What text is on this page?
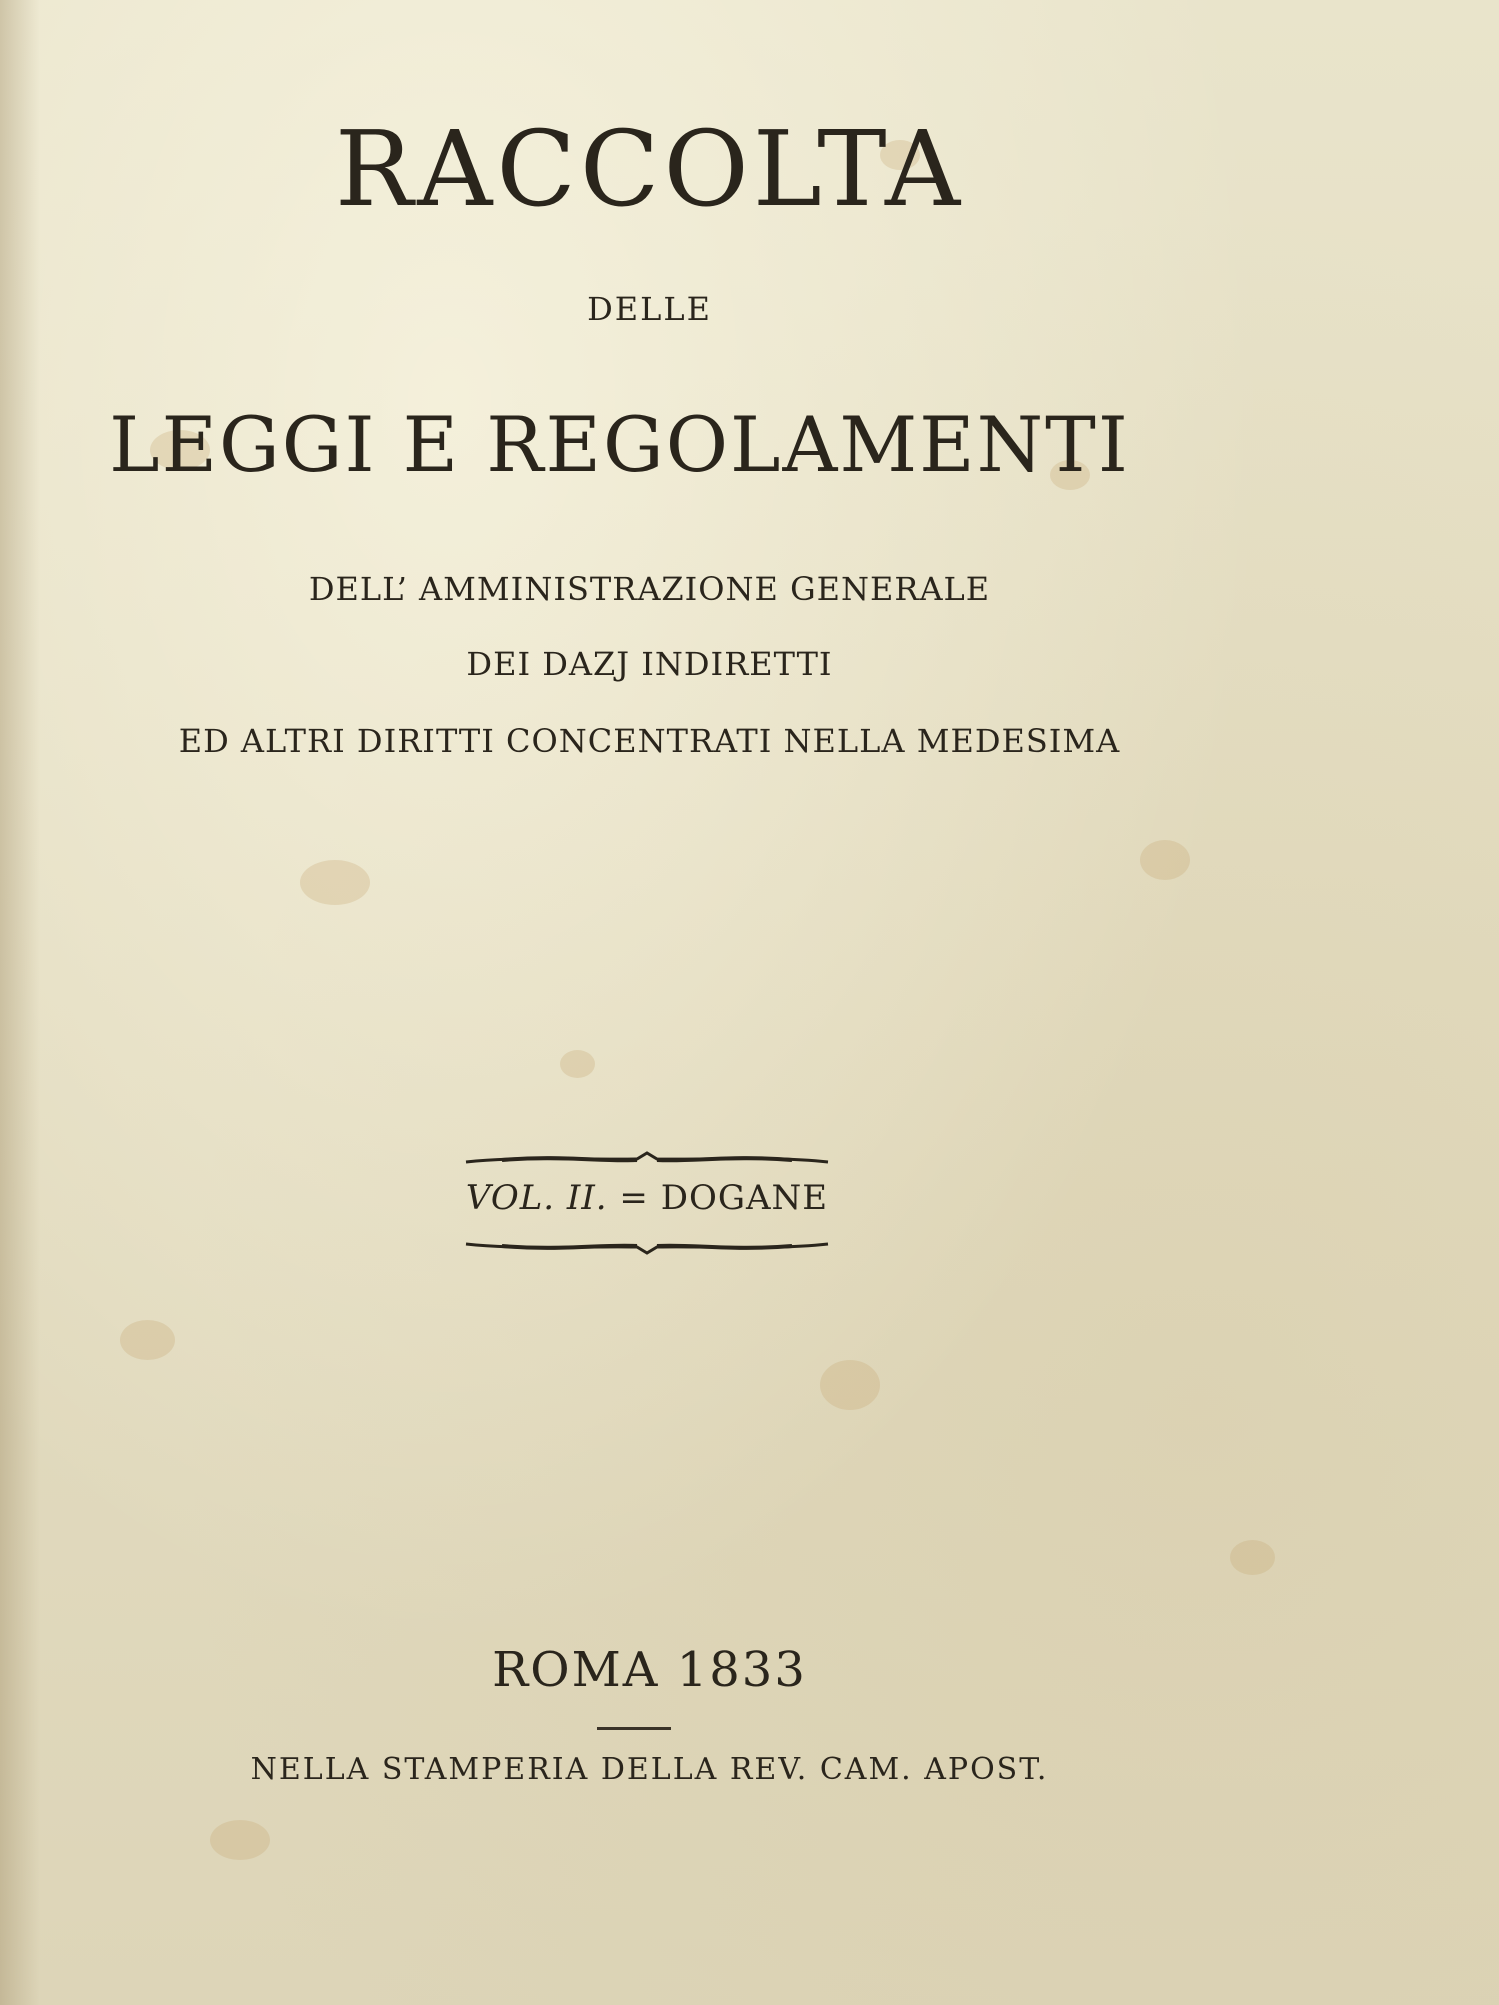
RACCOLTA
DELLE
LEGGI E REGOLAMENTI
DELL’ AMMINISTRAZIONE GENERALE
DEI DAZJ INDIRETTI
ED ALTRI DIRITTI CONCENTRATI NELLA MEDESIMA
VOL. II. = DOGANE
ROMA 1833
NELLA STAMPERIA DELLA REV. CAM. APOST.
